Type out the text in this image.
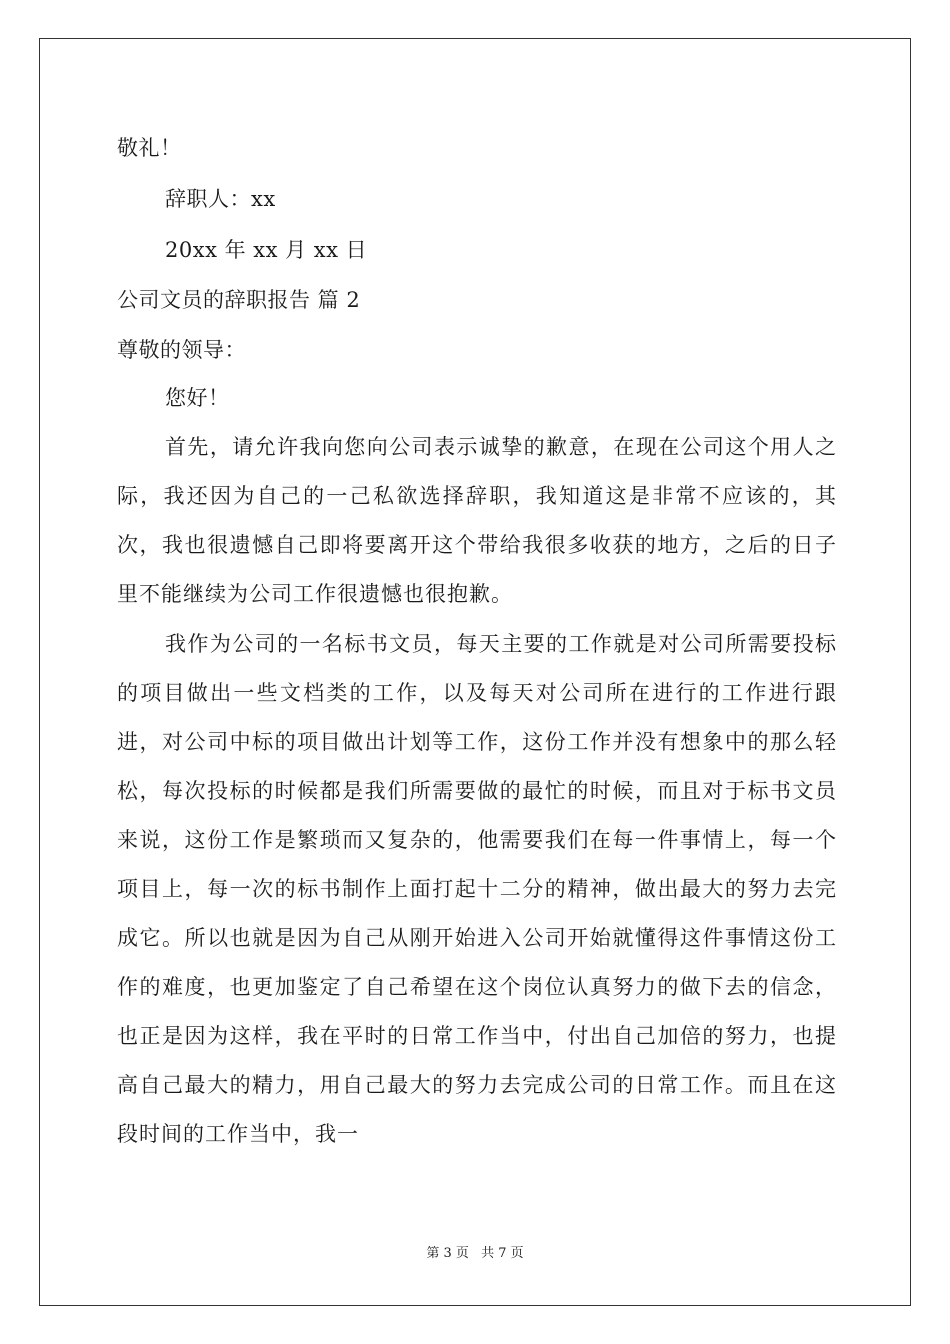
敬礼！
辞职人：xx
20xx 年 xx 月 xx 日
公司文员的辞职报告 篇 2
尊敬的领导：
您好！
首先，请允许我向您向公司表示诚挚的歉意，在现在公司这个用人之际，我还因为自己的一己私欲选择辞职，我知道这是非常不应该的，其次，我也很遗憾自己即将要离开这个带给我很多收获的地方，之后的日子里不能继续为公司工作很遗憾也很抱歉。
我作为公司的一名标书文员，每天主要的工作就是对公司所需要投标的项目做出一些文档类的工作，以及每天对公司所在进行的工作进行跟进，对公司中标的项目做出计划等工作，这份工作并没有想象中的那么轻松，每次投标的时候都是我们所需要做的最忙的时候，而且对于标书文员来说，这份工作是繁琐而又复杂的，他需要我们在每一件事情上，每一个项目上，每一次的标书制作上面打起十二分的精神，做出最大的努力去完成它。所以也就是因为自己从刚开始进入公司开始就懂得这件事情这份工作的难度，也更加鉴定了自己希望在这个岗位认真努力的做下去的信念，也正是因为这样，我在平时的日常工作当中，付出自己加倍的努力，也提高自己最大的精力，用自己最大的努力去完成公司的日常工作。而且在这段时间的工作当中，我一
第 3 页 共 7 页
